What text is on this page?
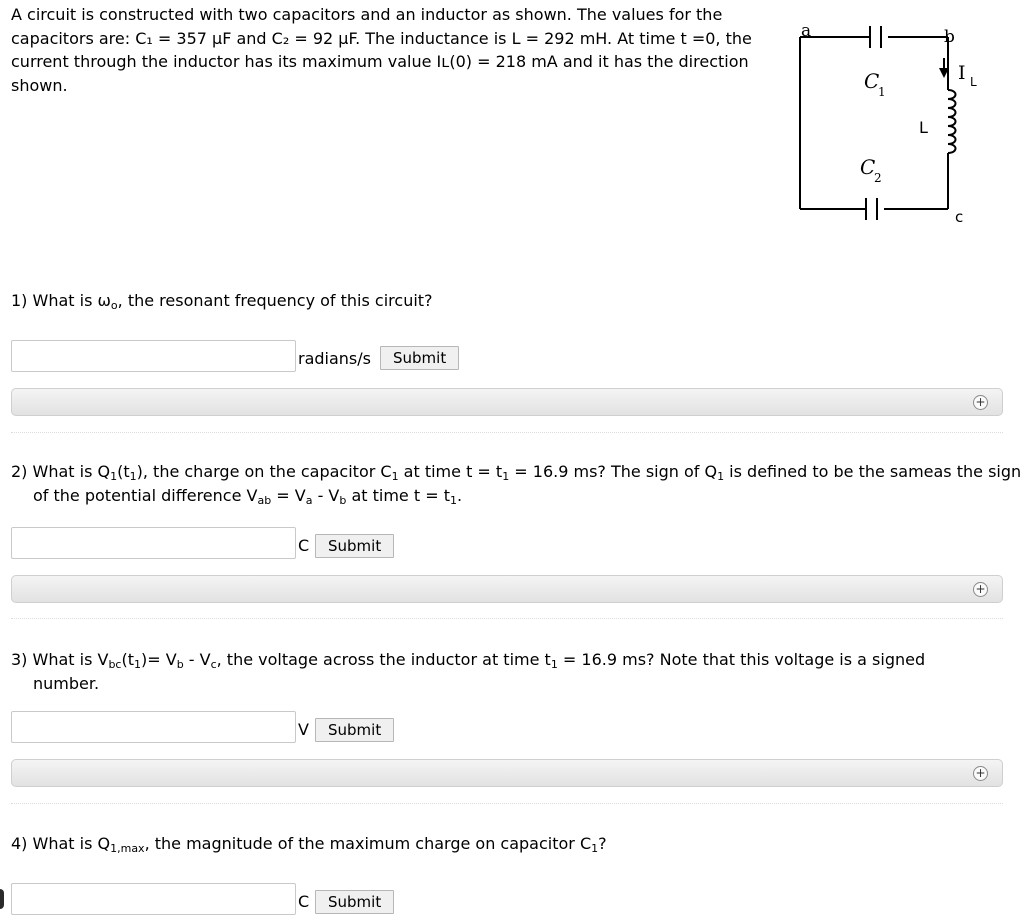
A circuit is constructed with two capacitors and an inductor as shown. The values for the capacitors are: C₁ = 357 μF and C₂ = 92 μF. The inductance is L = 292 mH. At time t =0, the current through the inductor has its maximum value Iʟ(0) = 218 mA and it has the direction shown.

a	b
c
C
1
C
2
L
I L

1) What is $\omega_o$, the resonant frequency of this circuit?

radians/s	Submit
+

2) What is $Q_1(t_1)$, the charge on the capacitor $C_1$ at time $t = t_1 = 16.9$ ms? The sign of $Q_1$ is defined to be the sameas the sign of the potential difference $V_{ab} = V_a - V_b$ at time $t = t_1$.

C	Submit
+

3) What is $V_{bc}(t_1)= V_b - V_c$, the voltage across the inductor at time $t_1 = 16.9$ ms? Note that this voltage is a signed number.

V	Submit
+

4) What is $Q_{1,max}$, the magnitude of the maximum charge on capacitor $C_1$?

C	Submit
